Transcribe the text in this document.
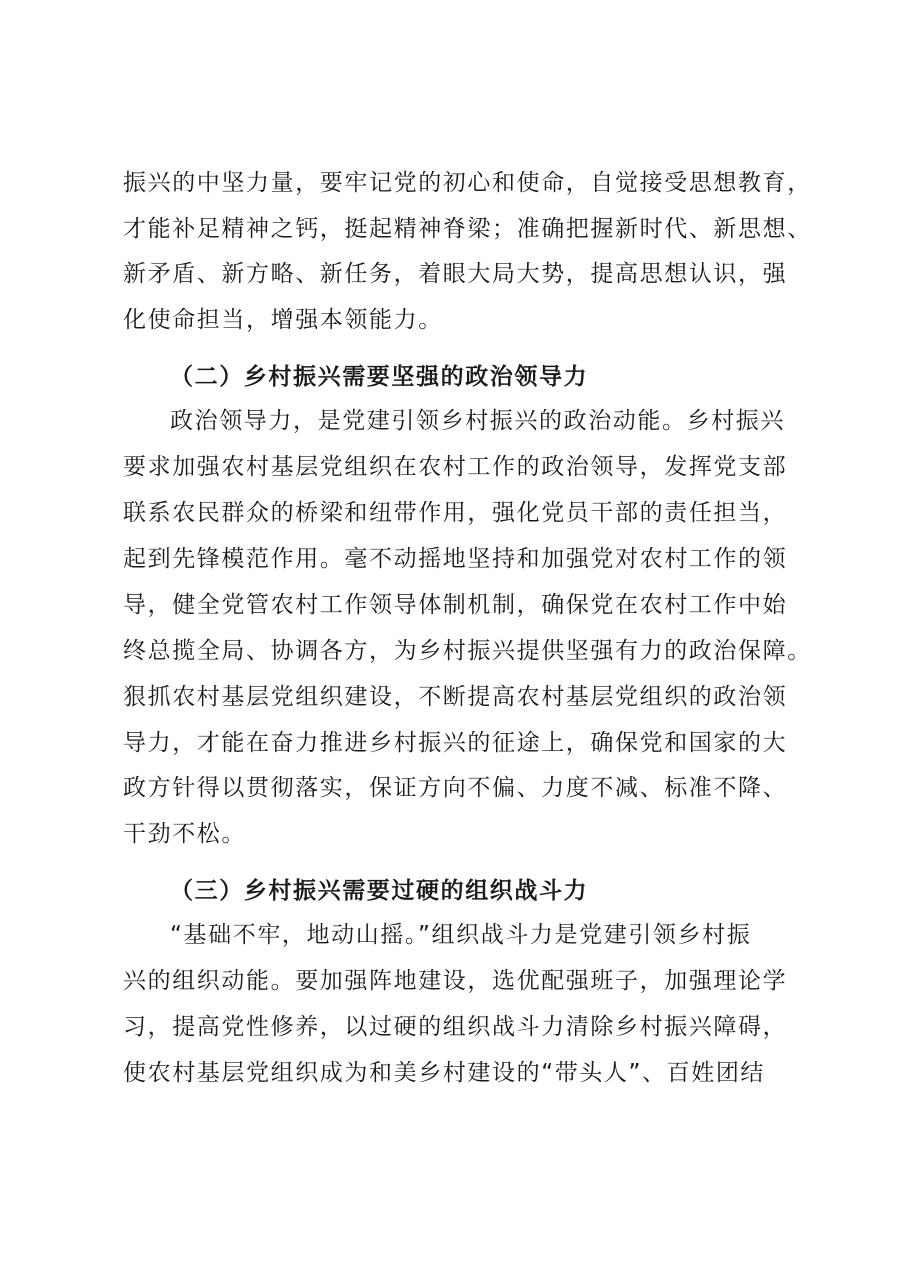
振兴的中坚力量，要牢记党的初心和使命，自觉接受思想教育，
才能补足精神之钙，挺起精神脊梁；准确把握新时代、新思想、
新矛盾、新方略、新任务，着眼大局大势，提高思想认识，强
化使命担当，增强本领能力。
（二）乡村振兴需要坚强的政治领导力
政治领导力，是党建引领乡村振兴的政治动能。乡村振兴
要求加强农村基层党组织在农村工作的政治领导，发挥党支部
联系农民群众的桥梁和纽带作用，强化党员干部的责任担当，
起到先锋模范作用。毫不动摇地坚持和加强党对农村工作的领
导，健全党管农村工作领导体制机制，确保党在农村工作中始
终总揽全局、协调各方，为乡村振兴提供坚强有力的政治保障。
狠抓农村基层党组织建设，不断提高农村基层党组织的政治领
导力，才能在奋力推进乡村振兴的征途上，确保党和国家的大
政方针得以贯彻落实，保证方向不偏、力度不减、标准不降、
干劲不松。
（三）乡村振兴需要过硬的组织战斗力
“基础不牢，地动山摇。”组织战斗力是党建引领乡村振
兴的组织动能。要加强阵地建设，选优配强班子，加强理论学
习，提高党性修养，以过硬的组织战斗力清除乡村振兴障碍，
使农村基层党组织成为和美乡村建设的“带头人”、百姓团结
